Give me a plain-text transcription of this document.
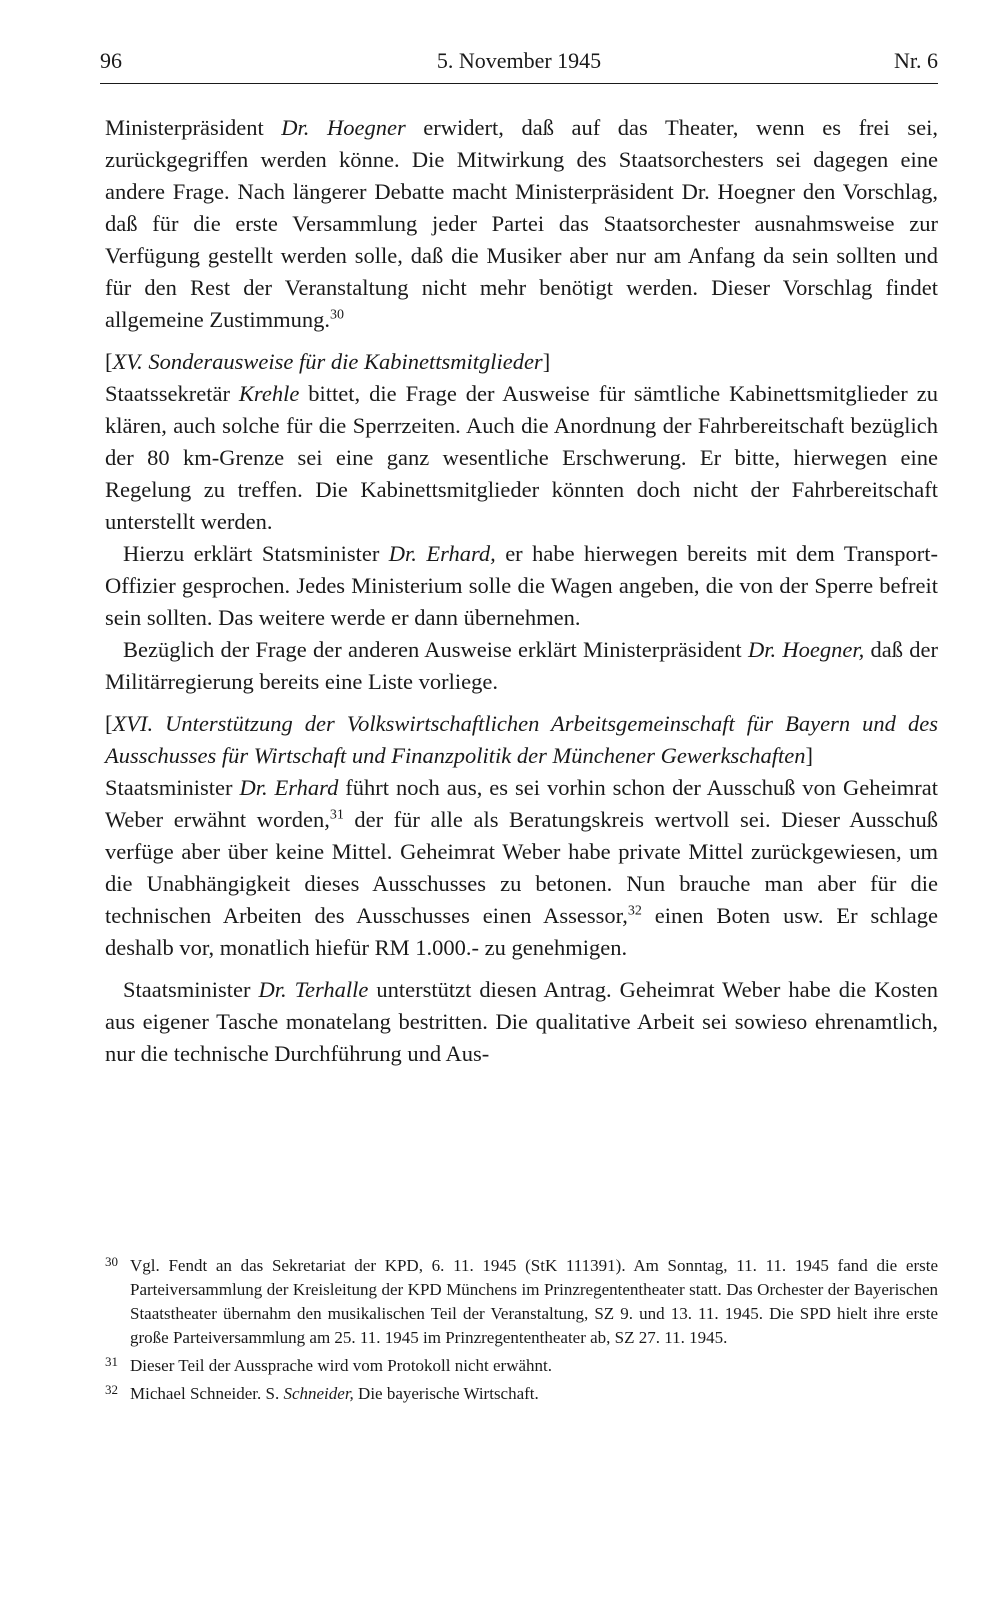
96	5. November 1945	Nr. 6

Ministerpräsident Dr. Hoegner erwidert, daß auf das Theater, wenn es frei sei, zurückgegriffen werden könne. Die Mitwirkung des Staatsorchesters sei dagegen eine andere Frage. Nach längerer Debatte macht Ministerpräsident Dr. Hoegner den Vorschlag, daß für die erste Versammlung jeder Partei das Staatsorchester ausnahmsweise zur Verfügung gestellt werden solle, daß die Musiker aber nur am Anfang da sein sollten und für den Rest der Veranstaltung nicht mehr benötigt werden. Dieser Vorschlag findet allgemeine Zustimmung.$^{30}$

[XV. Sonderausweise für die Kabinettsmitglieder]

Staatssekretär Krehle bittet, die Frage der Ausweise für sämtliche Kabinettsmitglieder zu klären, auch solche für die Sperrzeiten. Auch die Anordnung der Fahrbereitschaft bezüglich der 80 km-Grenze sei eine ganz wesentliche Erschwerung. Er bitte, hierwegen eine Regelung zu treffen. Die Kabinettsmitglieder könnten doch nicht der Fahrbereitschaft unterstellt werden.

Hierzu erklärt Statsminister Dr. Erhard, er habe hierwegen bereits mit dem Transport-Offizier gesprochen. Jedes Ministerium solle die Wagen angeben, die von der Sperre befreit sein sollten. Das weitere werde er dann übernehmen.

Bezüglich der Frage der anderen Ausweise erklärt Ministerpräsident Dr. Hoegner, daß der Militärregierung bereits eine Liste vorliege.

[XVI. Unterstützung der Volkswirtschaftlichen Arbeitsgemeinschaft für Bayern und des Ausschusses für Wirtschaft und Finanzpolitik der Münchener Gewerkschaften]

Staatsminister Dr. Erhard führt noch aus, es sei vorhin schon der Ausschuß von Geheimrat Weber erwähnt worden,$^{31}$ der für alle als Beratungskreis wertvoll sei. Dieser Ausschuß verfüge aber über keine Mittel. Geheimrat Weber habe private Mittel zurückgewiesen, um die Unabhängigkeit dieses Ausschusses zu betonen. Nun brauche man aber für die technischen Arbeiten des Ausschusses einen Assessor,$^{32}$ einen Boten usw. Er schlage deshalb vor, monatlich hiefür RM 1.000.- zu genehmigen.

Staatsminister Dr. Terhalle unterstützt diesen Antrag. Geheimrat Weber habe die Kosten aus eigener Tasche monatelang bestritten. Die qualitative Arbeit sei sowieso ehrenamtlich, nur die technische Durchführung und Aus-

30 Vgl. Fendt an das Sekretariat der KPD, 6. 11. 1945 (StK 111391). Am Sonntag, 11. 11. 1945 fand die erste Parteiversammlung der Kreisleitung der KPD Münchens im Prinzregententheater statt. Das Orchester der Bayerischen Staatstheater übernahm den musikalischen Teil der Veranstaltung, SZ 9. und 13. 11. 1945. Die SPD hielt ihre erste große Parteiversammlung am 25. 11. 1945 im Prinzregententheater ab, SZ 27. 11. 1945.
31 Dieser Teil der Aussprache wird vom Protokoll nicht erwähnt.
32 Michael Schneider. S. Schneider, Die bayerische Wirtschaft.
